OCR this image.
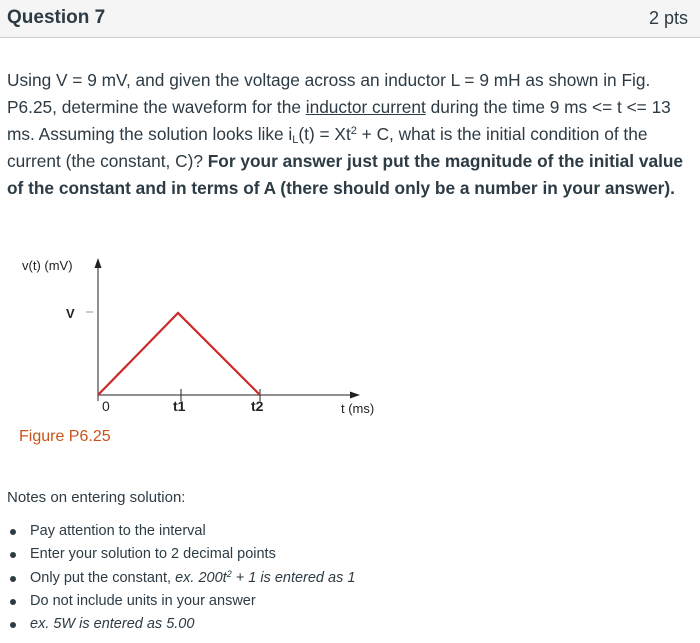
Question 7	2 pts
Using V = 9 mV, and given the voltage across an inductor L = 9 mH as shown in Fig. P6.25, determine the waveform for the inductor current during the time 9 ms <= t <= 13 ms. Assuming the solution looks like $i_L(t) = Xt^2 + C$, what is the initial condition of the current (the constant, C)? For your answer just put the magnitude of the initial value of the constant and in terms of A (there should only be a number in your answer).
v(t) (mV)
V
0	t1	t2	t (ms)
Figure P6.25
Notes on entering solution:
Pay attention to the interval
Enter your solution to 2 decimal points
Only put the constant, ex. $200t^2 + 1$ is entered as 1
Do not include units in your answer
ex. 5W is entered as 5.00
